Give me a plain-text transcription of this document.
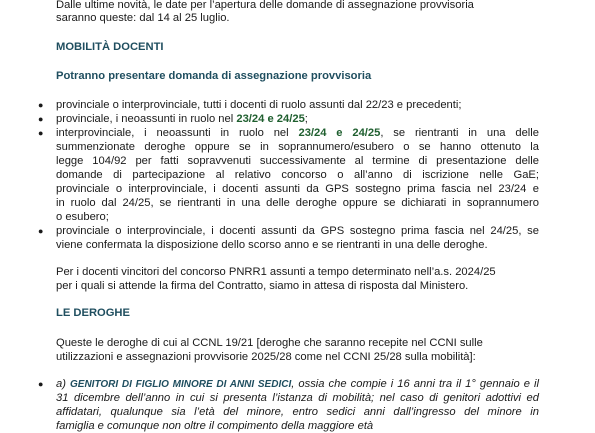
Dalle ultime novità, le date per l’apertura delle domande di assegnazione provvisoria
saranno queste: dal 14 al 25 luglio.
MOBILITÀ DOCENTI
Potranno presentare domanda di assegnazione provvisoria
●	provinciale o interprovinciale, tutti i docenti di ruolo assunti dal 22/23 e precedenti;
●	provinciale, i neoassunti in ruolo nel 23/24 e 24/25;
●	interprovinciale, i neoassunti in ruolo nel 23/24 e 24/25, se rientranti in una delle
summenzionate deroghe oppure se in soprannumero/esubero o se hanno ottenuto la
legge 104/92 per fatti sopravvenuti successivamente al termine di presentazione delle
domande di partecipazione al relativo concorso o all’anno di iscrizione nelle GaE;
provinciale o interprovinciale, i docenti assunti da GPS sostegno prima fascia nel 23/24 e
in ruolo dal 24/25, se rientranti in una delle deroghe oppure se dichiarati in soprannumero
o esubero;
●	provinciale o interprovinciale, i docenti assunti da GPS sostegno prima fascia nel 24/25, se
viene confermata la disposizione dello scorso anno e se rientranti in una delle deroghe.
Per i docenti vincitori del concorso PNRR1 assunti a tempo determinato nell’a.s. 2024/25
per i quali si attende la firma del Contratto, siamo in attesa di risposta dal Ministero.
LE DEROGHE
Queste le deroghe di cui al CCNL 19/21 [deroghe che saranno recepite nel CCNI sulle
utilizzazioni e assegnazioni provvisorie 2025/28 come nel CCNI 25/28 sulla mobilità]:
●	a) GENITORI DI FIGLIO MINORE DI ANNI SEDICI, ossia che compie i 16 anni tra il 1° gennaio e il
31 dicembre dell’anno in cui si presenta l’istanza di mobilità; nel caso di genitori adottivi ed
affidatari, qualunque sia l’età del minore, entro sedici anni dall’ingresso del minore in
famiglia e comunque non oltre il compimento della maggiore età
